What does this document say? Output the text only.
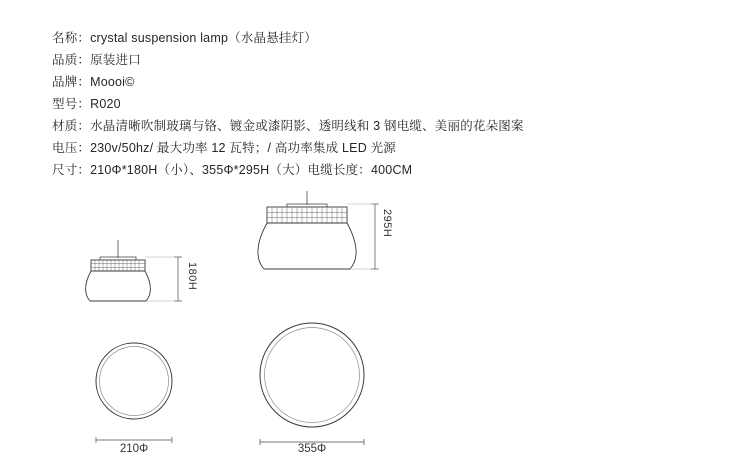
名称：crystal suspension lamp（水晶悬挂灯）
品质：原装进口
品牌：Moooi©
型号：R020
材质：水晶清晰吹制玻璃与铬、镀金或漆阴影、透明线和 3 钢电缆、美丽的花朵图案
电压：230v/50hz/ 最大功率 12 瓦特；/ 高功率集成 LED 光源
尺寸：210Φ*180H（小）、355Φ*295H（大）电缆长度：400CM
180H
295H
210Φ	355Φ
